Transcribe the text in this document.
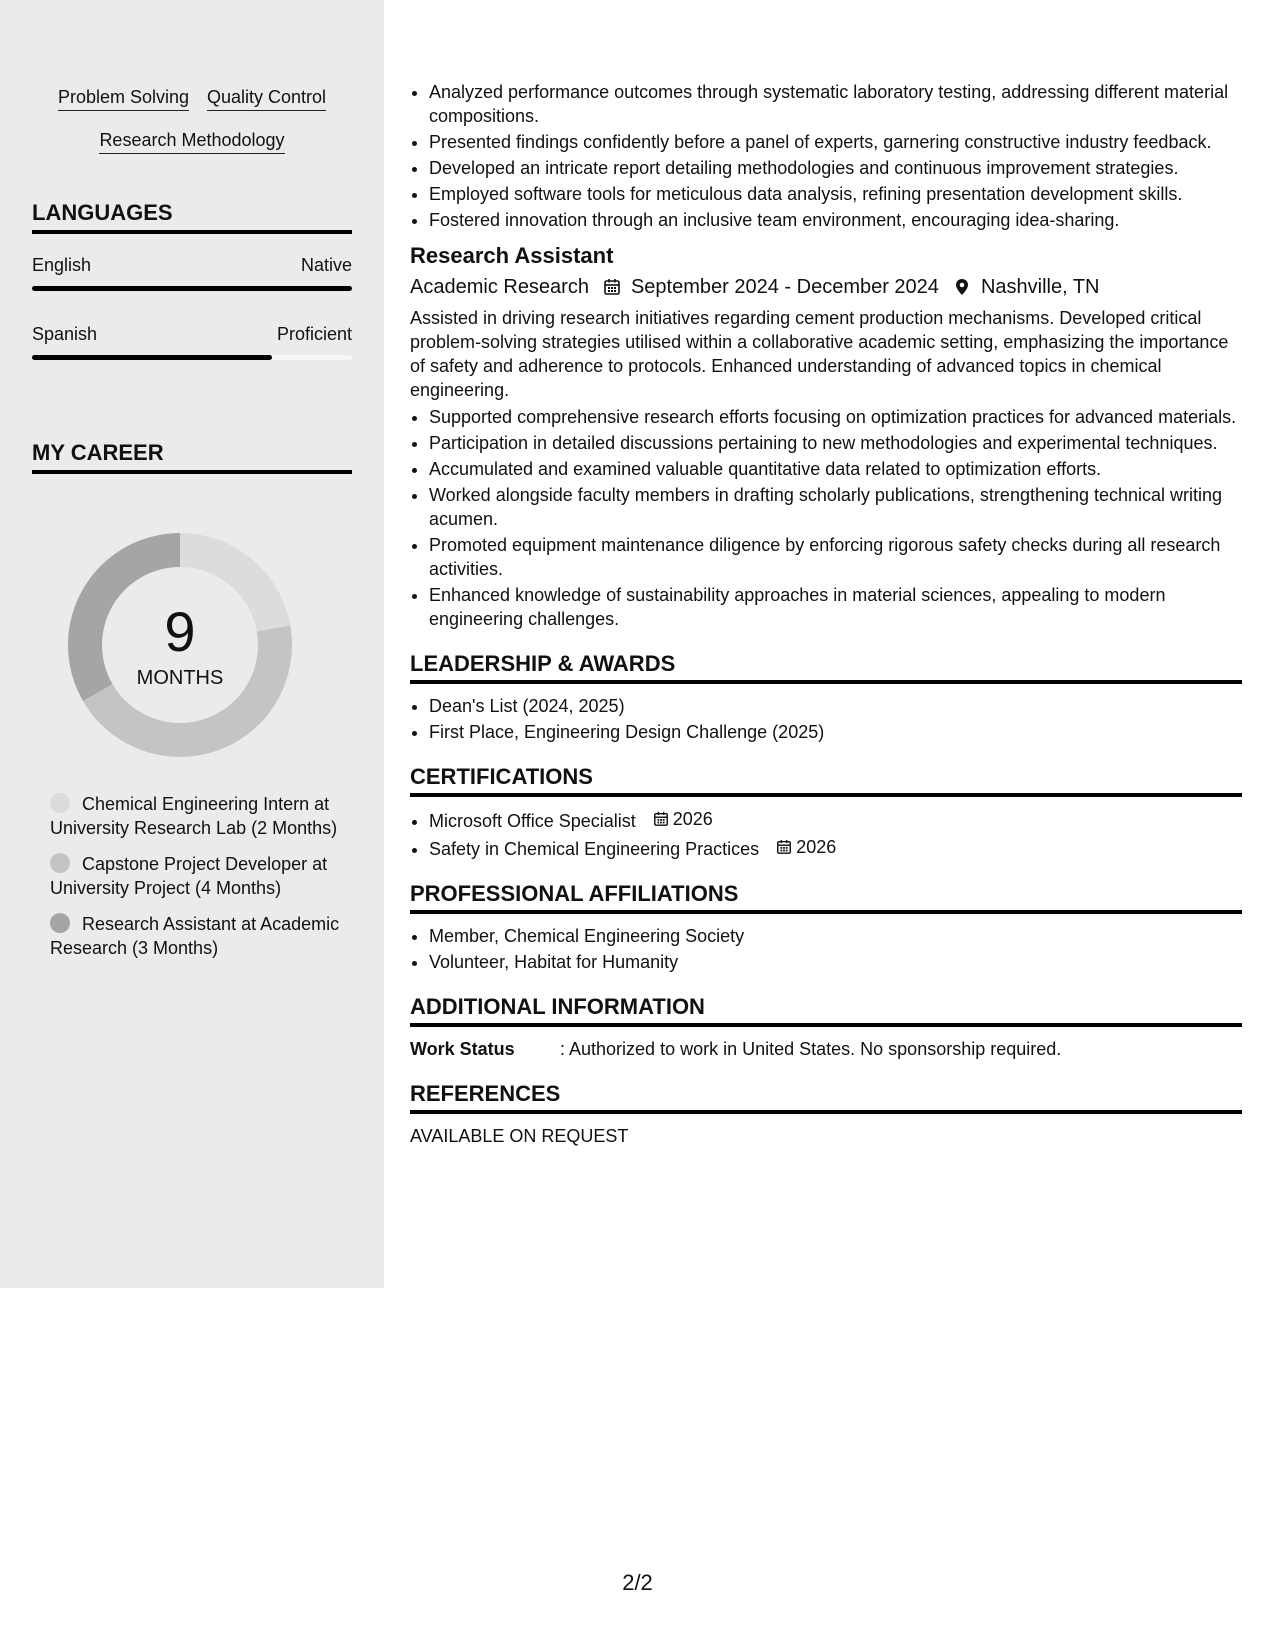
Problem Solving Quality Control
Research Methodology
LANGUAGES
English	Native
Spanish	Proficient
MY CAREER
9
MONTHS
Chemical Engineering Intern at University Research Lab (2 Months)
Capstone Project Developer at University Project (4 Months)
Research Assistant at Academic Research (3 Months)
• Analyzed performance outcomes through systematic laboratory testing, addressing different material compositions.
• Presented findings confidently before a panel of experts, garnering constructive industry feedback.
• Developed an intricate report detailing methodologies and continuous improvement strategies.
• Employed software tools for meticulous data analysis, refining presentation development skills.
• Fostered innovation through an inclusive team environment, encouraging idea-sharing.
Research Assistant
Academic Research September 2024 - December 2024 Nashville, TN
Assisted in driving research initiatives regarding cement production mechanisms. Developed critical problem-solving strategies utilised within a collaborative academic setting, emphasizing the importance of safety and adherence to protocols. Enhanced understanding of advanced topics in chemical engineering.
• Supported comprehensive research efforts focusing on optimization practices for advanced materials.
• Participation in detailed discussions pertaining to new methodologies and experimental techniques.
• Accumulated and examined valuable quantitative data related to optimization efforts.
• Worked alongside faculty members in drafting scholarly publications, strengthening technical writing acumen.
• Promoted equipment maintenance diligence by enforcing rigorous safety checks during all research activities.
• Enhanced knowledge of sustainability approaches in material sciences, appealing to modern engineering challenges.
LEADERSHIP & AWARDS
• Dean's List (2024, 2025)
• First Place, Engineering Design Challenge (2025)
CERTIFICATIONS
• Microsoft Office Specialist 2026
• Safety in Chemical Engineering Practices 2026
PROFESSIONAL AFFILIATIONS
• Member, Chemical Engineering Society
• Volunteer, Habitat for Humanity
ADDITIONAL INFORMATION
Work Status	: Authorized to work in United States. No sponsorship required.
REFERENCES
AVAILABLE ON REQUEST
2/2
